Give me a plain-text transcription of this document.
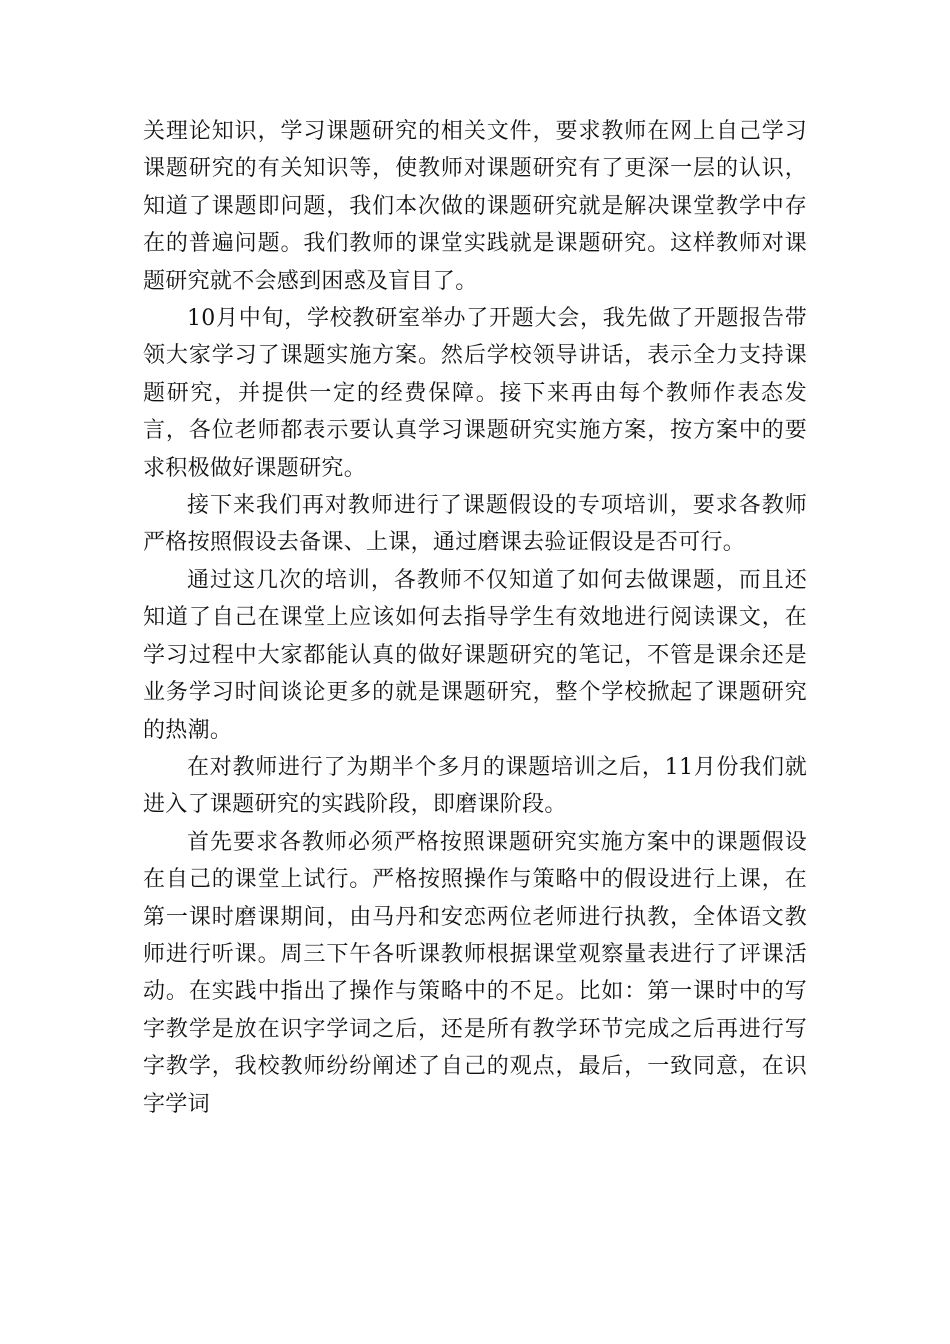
关理论知识，学习课题研究的相关文件，要求教师在网上自己学习课题研究的有关知识等，使教师对课题研究有了更深一层的认识，知道了课题即问题，我们本次做的课题研究就是解决课堂教学中存在的普遍问题。我们教师的课堂实践就是课题研究。这样教师对课题研究就不会感到困惑及盲目了。

10月中旬，学校教研室举办了开题大会，我先做了开题报告带领大家学习了课题实施方案。然后学校领导讲话，表示全力支持课题研究，并提供一定的经费保障。接下来再由每个教师作表态发言，各位老师都表示要认真学习课题研究实施方案，按方案中的要求积极做好课题研究。

接下来我们再对教师进行了课题假设的专项培训，要求各教师严格按照假设去备课、上课，通过磨课去验证假设是否可行。

通过这几次的培训，各教师不仅知道了如何去做课题，而且还知道了自己在课堂上应该如何去指导学生有效地进行阅读课文，在学习过程中大家都能认真的做好课题研究的笔记，不管是课余还是业务学习时间谈论更多的就是课题研究，整个学校掀起了课题研究的热潮。

在对教师进行了为期半个多月的课题培训之后，11月份我们就进入了课题研究的实践阶段，即磨课阶段。

首先要求各教师必须严格按照课题研究实施方案中的课题假设在自己的课堂上试行。严格按照操作与策略中的假设进行上课，在第一课时磨课期间，由马丹和安恋两位老师进行执教，全体语文教师进行听课。周三下午各听课教师根据课堂观察量表进行了评课活动。在实践中指出了操作与策略中的不足。比如：第一课时中的写字教学是放在识字学词之后，还是所有教学环节完成之后再进行写字教学，我校教师纷纷阐述了自己的观点，最后，一致同意，在识字学词
